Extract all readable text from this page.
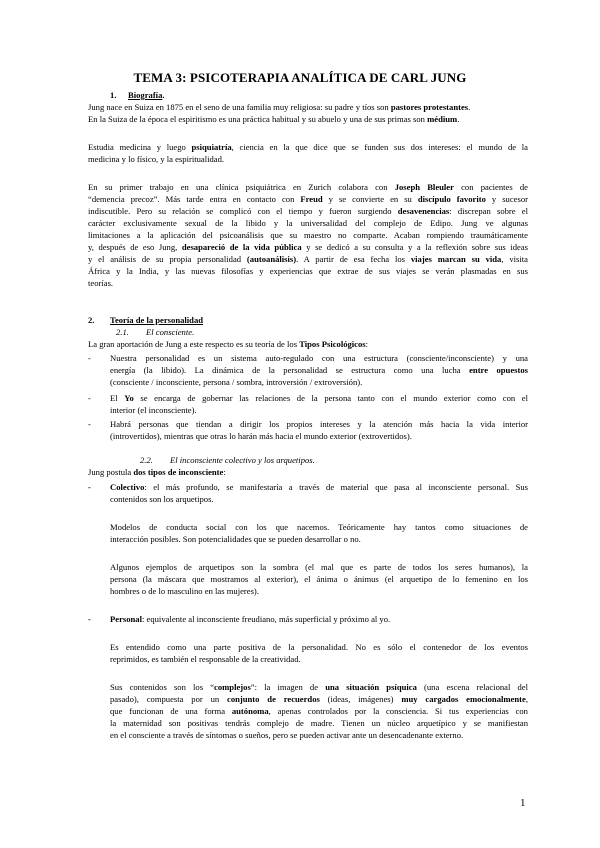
TEMA 3: PSICOTERAPIA ANALÍTICA DE CARL JUNG
1. Biografía.
Jung nace en Suiza en 1875 en el seno de una familia muy religiosa: su padre y tíos son pastores protestantes.
En la Suiza de la época el espiritismo es una práctica habitual y su abuelo y una de sus primas son médium.
Estudia medicina y luego psiquiatría, ciencia en la que dice que se funden sus dos intereses: el mundo de la
medicina y lo físico, y la espiritualidad.
En su primer trabajo en una clínica psiquiátrica en Zurich colabora con Joseph Bleuler con pacientes de
“demencia precoz”. Más tarde entra en contacto con Freud y se convierte en su discípulo favorito y sucesor
indiscutible. Pero su relación se complicó con el tiempo y fueron surgiendo desavenencias: discrepan sobre el
carácter exclusivamente sexual de la libido y la universalidad del complejo de Edipo. Jung ve algunas
limitaciones a la aplicación del psicoanálisis que su maestro no comparte. Acaban rompiendo traumáticamente
y, después de eso Jung, desapareció de la vida pública y se dedicó a su consulta y a la reflexión sobre sus ideas
y el análisis de su propia personalidad (autoanálisis). A partir de esa fecha los viajes marcan su vida, visita
África y la India, y las nuevas filosofías y experiencias que extrae de sus viajes se verán plasmadas en sus
teorías.
2. Teoría de la personalidad
2.1. El consciente.
La gran aportación de Jung a este respecto es su teoría de los Tipos Psicológicos:
-	Nuestra personalidad es un sistema auto-regulado con una estructura (consciente/inconsciente) y una
energía (la libido). La dinámica de la personalidad se estructura como una lucha entre opuestos
(consciente / inconsciente, persona / sombra, introversión / extroversión).
-	El Yo se encarga de gobernar las relaciones de la persona tanto con el mundo exterior como con el
interior (el inconsciente).
-	Habrá personas que tiendan a dirigir los propios intereses y la atención más hacia la vida interior
(introvertidos), mientras que otras lo harán más hacia el mundo exterior (extrovertidos).
2.2. El inconsciente colectivo y los arquetipos.
Jung postula dos tipos de inconsciente:
-	Colectivo: el más profundo, se manifestaría a través de material que pasa al inconsciente personal. Sus
contenidos son los arquetipos.
Modelos de conducta social con los que nacemos. Teóricamente hay tantos como situaciones de
interacción posibles. Son potencialidades que se pueden desarrollar o no.
Algunos ejemplos de arquetipos son la sombra (el mal que es parte de todos los seres humanos), la
persona (la máscara que mostramos al exterior), el ánima o ánimus (el arquetipo de lo femenino en los
hombres o de lo masculino en las mujeres).
-	Personal: equivalente al inconsciente freudiano, más superficial y próximo al yo.
Es entendido como una parte positiva de la personalidad. No es sólo el contenedor de los eventos
reprimidos, es también el responsable de la creatividad.
Sus contenidos son los “complejos”: la imagen de una situación psíquica (una escena relacional del
pasado), compuesta por un conjunto de recuerdos (ideas, imágenes) muy cargados emocionalmente,
que funcionan de una forma autónoma, apenas controlados por la consciencia. Si tus experiencias con
la maternidad son positivas tendrás complejo de madre. Tienen un núcleo arquetípico y se manifiestan
en el consciente a través de síntomas o sueños, pero se pueden activar ante un desencadenante externo.
1
